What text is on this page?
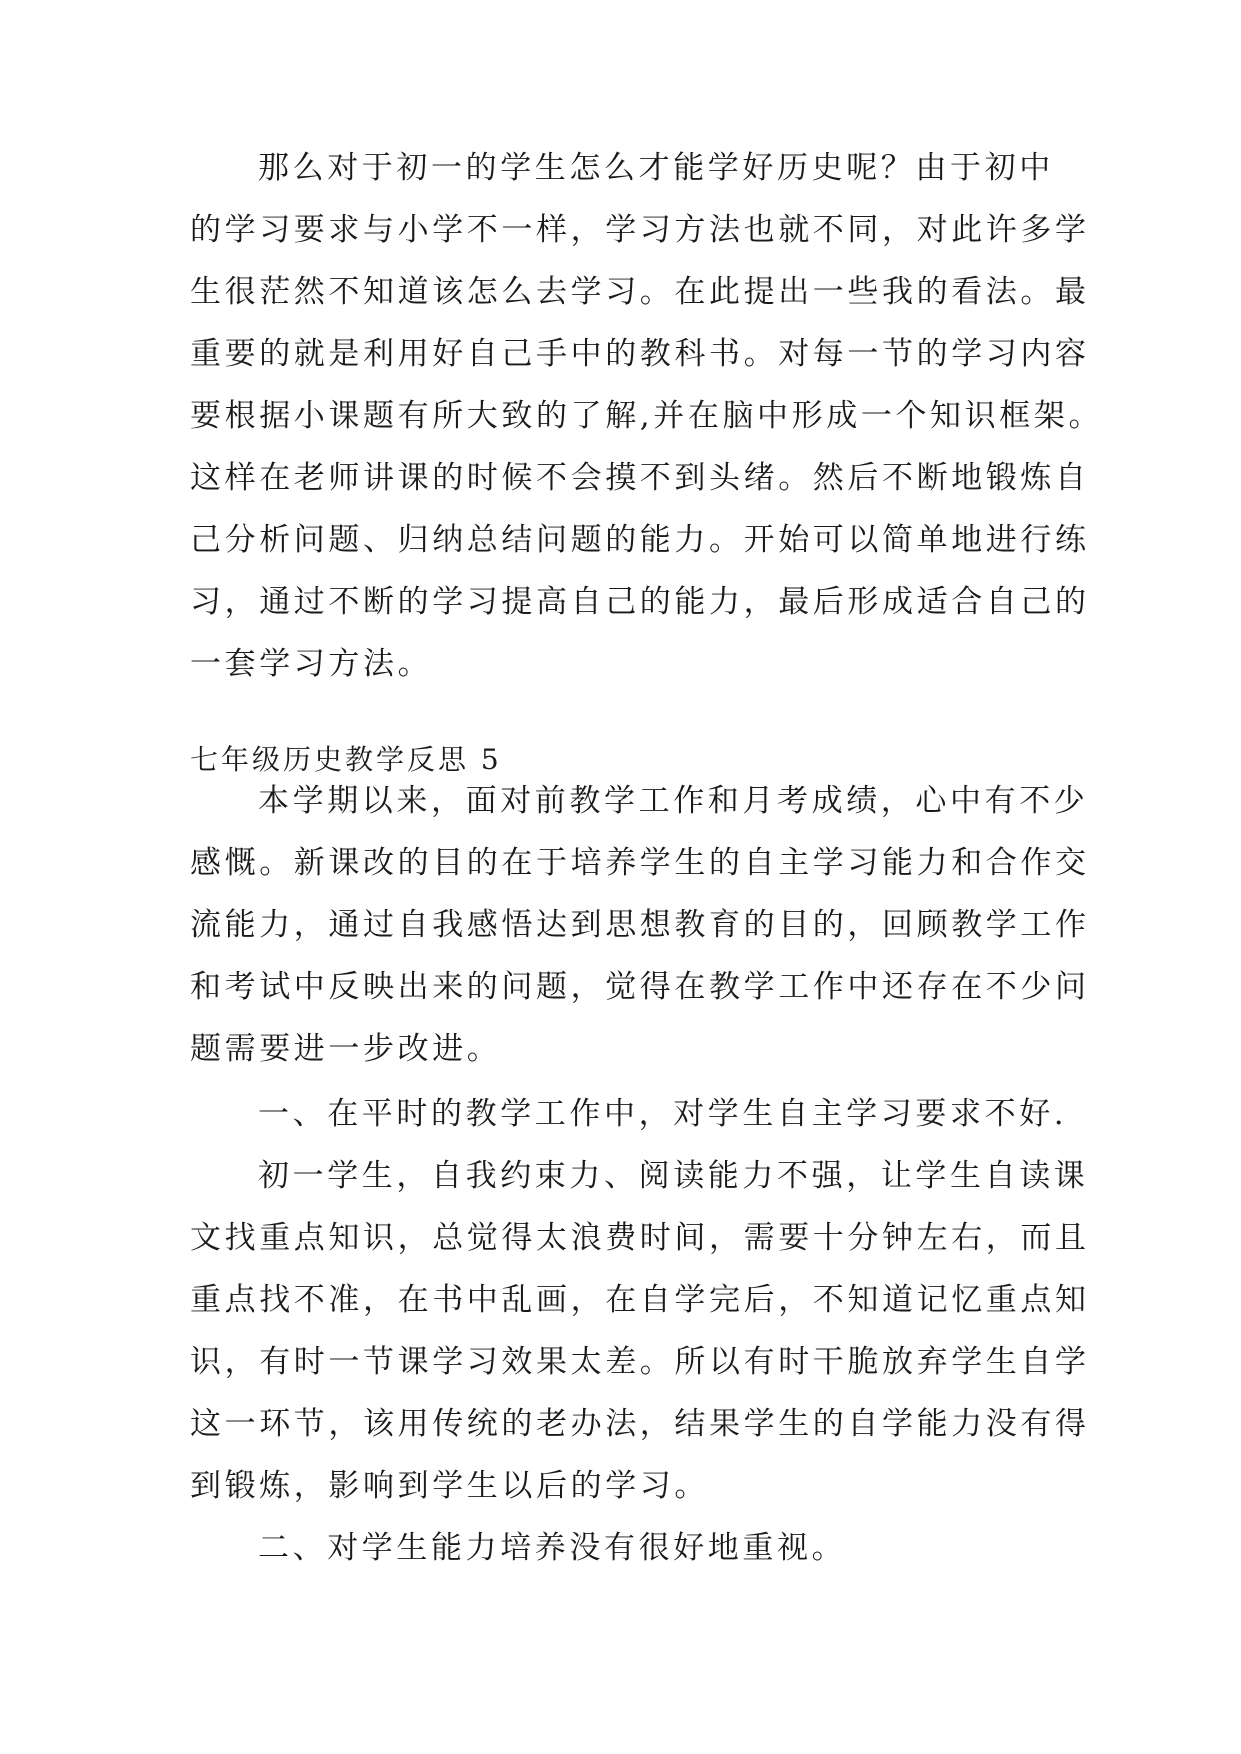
那么对于初一的学生怎么才能学好历史呢？由于初中
的学习要求与小学不一样，学习方法也就不同，对此许多学
生很茫然不知道该怎么去学习。在此提出一些我的看法。最
重要的就是利用好自己手中的教科书。对每一节的学习内容
要根据小课题有所大致的了解,并在脑中形成一个知识框架。
这样在老师讲课的时候不会摸不到头绪。然后不断地锻炼自
己分析问题、归纳总结问题的能力。开始可以简单地进行练
习，通过不断的学习提高自己的能力，最后形成适合自己的
一套学习方法。
七年级历史教学反思 5
本学期以来，面对前教学工作和月考成绩，心中有不少
感慨。新课改的目的在于培养学生的自主学习能力和合作交
流能力，通过自我感悟达到思想教育的目的，回顾教学工作
和考试中反映出来的问题，觉得在教学工作中还存在不少问
题需要进一步改进。
一、在平时的教学工作中，对学生自主学习要求不好.
初一学生，自我约束力、阅读能力不强，让学生自读课
文找重点知识，总觉得太浪费时间，需要十分钟左右，而且
重点找不准，在书中乱画，在自学完后，不知道记忆重点知
识，有时一节课学习效果太差。所以有时干脆放弃学生自学
这一环节，该用传统的老办法，结果学生的自学能力没有得
到锻炼，影响到学生以后的学习。
二、对学生能力培养没有很好地重视。
